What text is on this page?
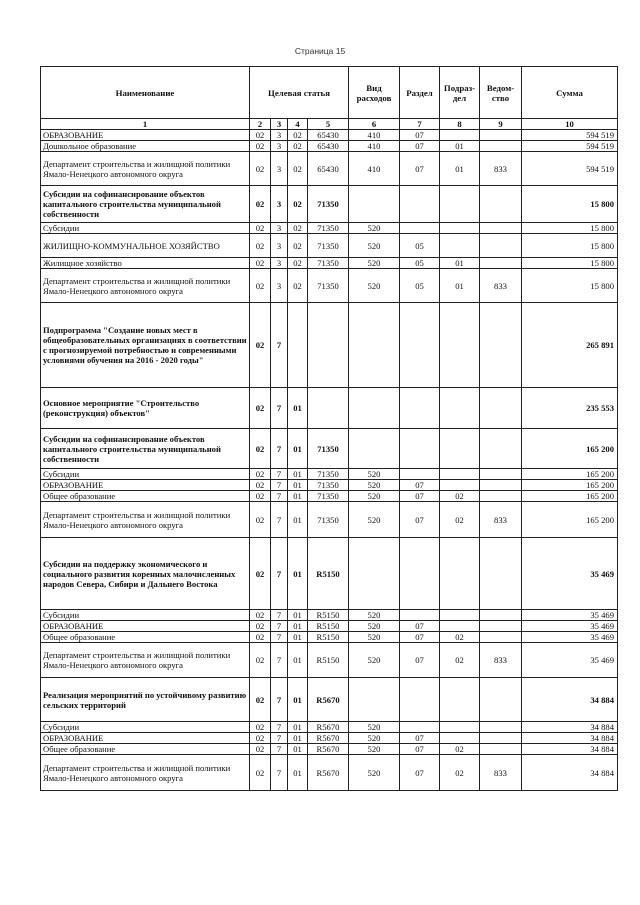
Страница 15
Наименование	Целевая статья				Вид расходов	Раздел	Подраз-дел	Ведом-ство	Сумма
1	2	3	4	5	6	7	8	9	10
ОБРАЗОВАНИЕ	02	3	02	65430	410	07			594 519
Дошкольное образование	02	3	02	65430	410	07	01		594 519
Департамент строительства и жилищной политики Ямало-Ненецкого автономного округа	02	3	02	65430	410	07	01	833	594 519
Субсидии на софинансирование объектов капитального строительства муниципальной собственности	02	3	02	71350					15 800
Субсидии	02	3	02	71350	520				15 800
ЖИЛИЩНО-КОММУНАЛЬНОЕ ХОЗЯЙСТВО	02	3	02	71350	520	05			15 800
Жилищное хозяйство	02	3	02	71350	520	05	01		15 800
Департамент строительства и жилищной политики Ямало-Ненецкого автономного округа	02	3	02	71350	520	05	01	833	15 800
Подпрограмма "Создание новых мест в общеобразовательных организациях в соответствии с прогнозируемой потребностью и современными условиями обучения на 2016 - 2020 годы"	02	7							265 891
Основное мероприятие "Строительство (реконструкция) объектов"	02	7	01						235 553
Субсидии на софинансирование объектов капитального строительства муниципальной собственности	02	7	01	71350					165 200
Субсидии	02	7	01	71350	520				165 200
ОБРАЗОВАНИЕ	02	7	01	71350	520	07			165 200
Общее образование	02	7	01	71350	520	07	02		165 200
Департамент строительства и жилищной политики Ямало-Ненецкого автономного округа	02	7	01	71350	520	07	02	833	165 200
Субсидии на поддержку экономического и социального развития коренных малочисленных народов Севера, Сибири и Дальнего Востока	02	7	01	R5150					35 469
Субсидии	02	7	01	R5150	520				35 469
ОБРАЗОВАНИЕ	02	7	01	R5150	520	07			35 469
Общее образование	02	7	01	R5150	520	07	02		35 469
Департамент строительства и жилищной политики Ямало-Ненецкого автономного округа	02	7	01	R5150	520	07	02	833	35 469
Реализация мероприятий по устойчивому развитию сельских территорий	02	7	01	R5670					34 884
Субсидии	02	7	01	R5670	520				34 884
ОБРАЗОВАНИЕ	02	7	01	R5670	520	07			34 884
Общее образование	02	7	01	R5670	520	07	02		34 884
Департамент строительства и жилищной политики Ямало-Ненецкого автономного округа	02	7	01	R5670	520	07	02	833	34 884
